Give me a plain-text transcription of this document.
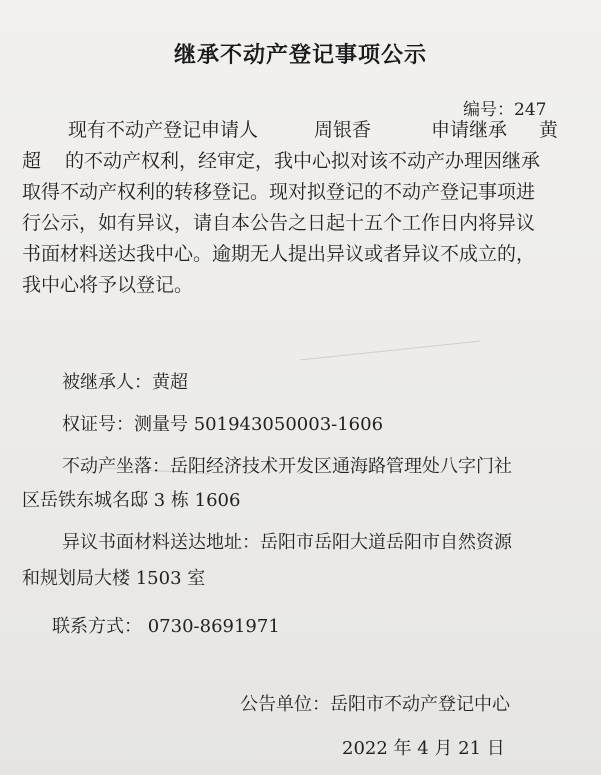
继承不动产登记事项公示
编号：247
现有不动产登记申请人	周银香	申请继承 黄
超 的不动产权利，经审定，我中心拟对该不动产办理因继承
取得不动产权利的转移登记。现对拟登记的不动产登记事项进
行公示，如有异议，请自本公告之日起十五个工作日内将异议
书面材料送达我中心。逾期无人提出异议或者异议不成立的，
我中心将予以登记。
被继承人：黄超
权证号：测量号 501943050003-1606
不动产坐落：岳阳经济技术开发区通海路管理处八字门社
区岳铁东城名邸 3 栋 1606
异议书面材料送达地址：岳阳市岳阳大道岳阳市自然资源
和规划局大楼 1503 室
联系方式： 0730-8691971
公告单位：岳阳市不动产登记中心
2022 年 4 月 21 日
